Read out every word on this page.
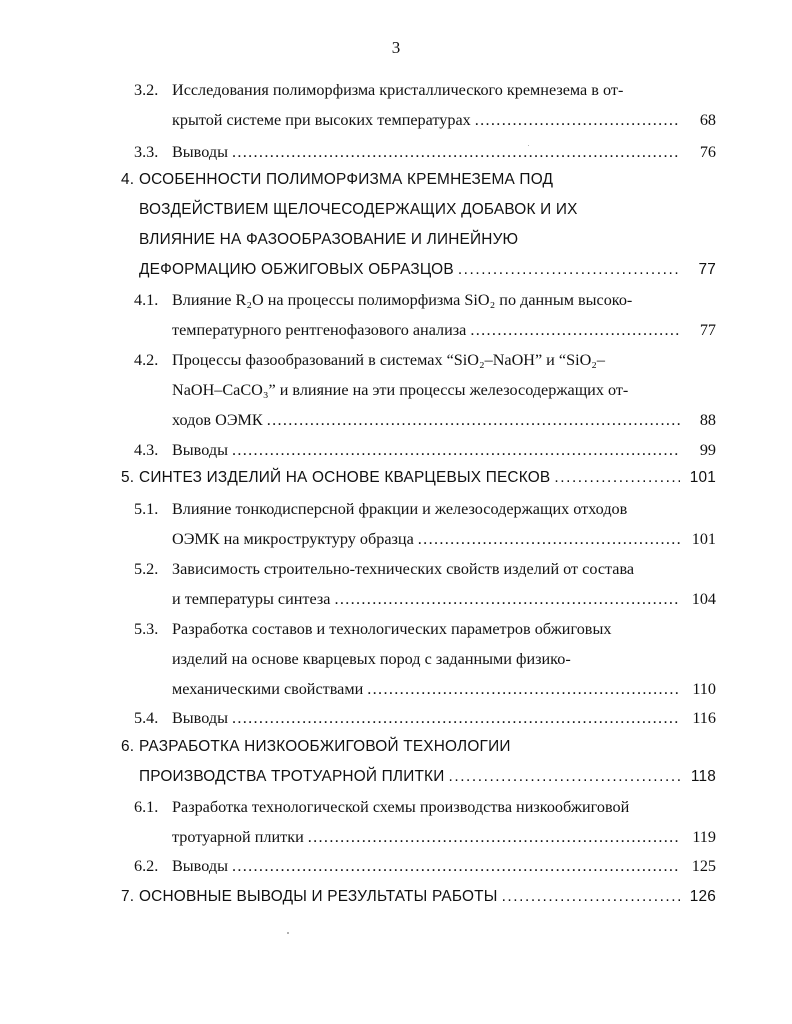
3
3.2. Исследования полиморфизма кристаллического кремнезема в от-
крытой системе при высоких температурах . . .	68
3.3. Выводы . . .	76
4. ОСОБЕННОСТИ ПОЛИМОРФИЗМА КРЕМНЕЗЕМА ПОД
ВОЗДЕЙСТВИЕМ ЩЕЛОЧЕСОДЕРЖАЩИХ ДОБАВОК И ИХ
ВЛИЯНИЕ НА ФАЗООБРАЗОВАНИЕ И ЛИНЕЙНУЮ
ДЕФОРМАЦИЮ ОБЖИГОВЫХ ОБРАЗЦОВ . . .	77
4.1. Влияние R₂O на процессы полиморфизма SiO₂ по данным высоко-
температурного рентгенофазового анализа . . .	77
4.2. Процессы фазообразований в системах “SiO₂–NaOH” и “SiO₂–
NaOH–CaCO₃” и влияние на эти процессы железосодержащих от-
ходов ОЭМК . . .	88
4.3. Выводы . . .	99
5. СИНТЕЗ ИЗДЕЛИЙ НА ОСНОВЕ КВАРЦЕВЫХ ПЕСКОВ . . .	101
5.1. Влияние тонкодисперсной фракции и железосодержащих отходов
ОЭМК на микроструктуру образца . . .	101
5.2. Зависимость строительно-технических свойств изделий от состава
и температуры синтеза . . .	104
5.3. Разработка составов и технологических параметров обжиговых
изделий на основе кварцевых пород с заданными физико-
механическими свойствами . . .	110
5.4. Выводы . . .	116
6. РАЗРАБОТКА НИЗКООБЖИГОВОЙ ТЕХНОЛОГИИ
ПРОИЗВОДСТВА ТРОТУАРНОЙ ПЛИТКИ . . .	118
6.1. Разработка технологической схемы производства низкообжиговой
тротуарной плитки . . .	119
6.2. Выводы . . .	125
7. ОСНОВНЫЕ ВЫВОДЫ И РЕЗУЛЬТАТЫ РАБОТЫ . . .	126
